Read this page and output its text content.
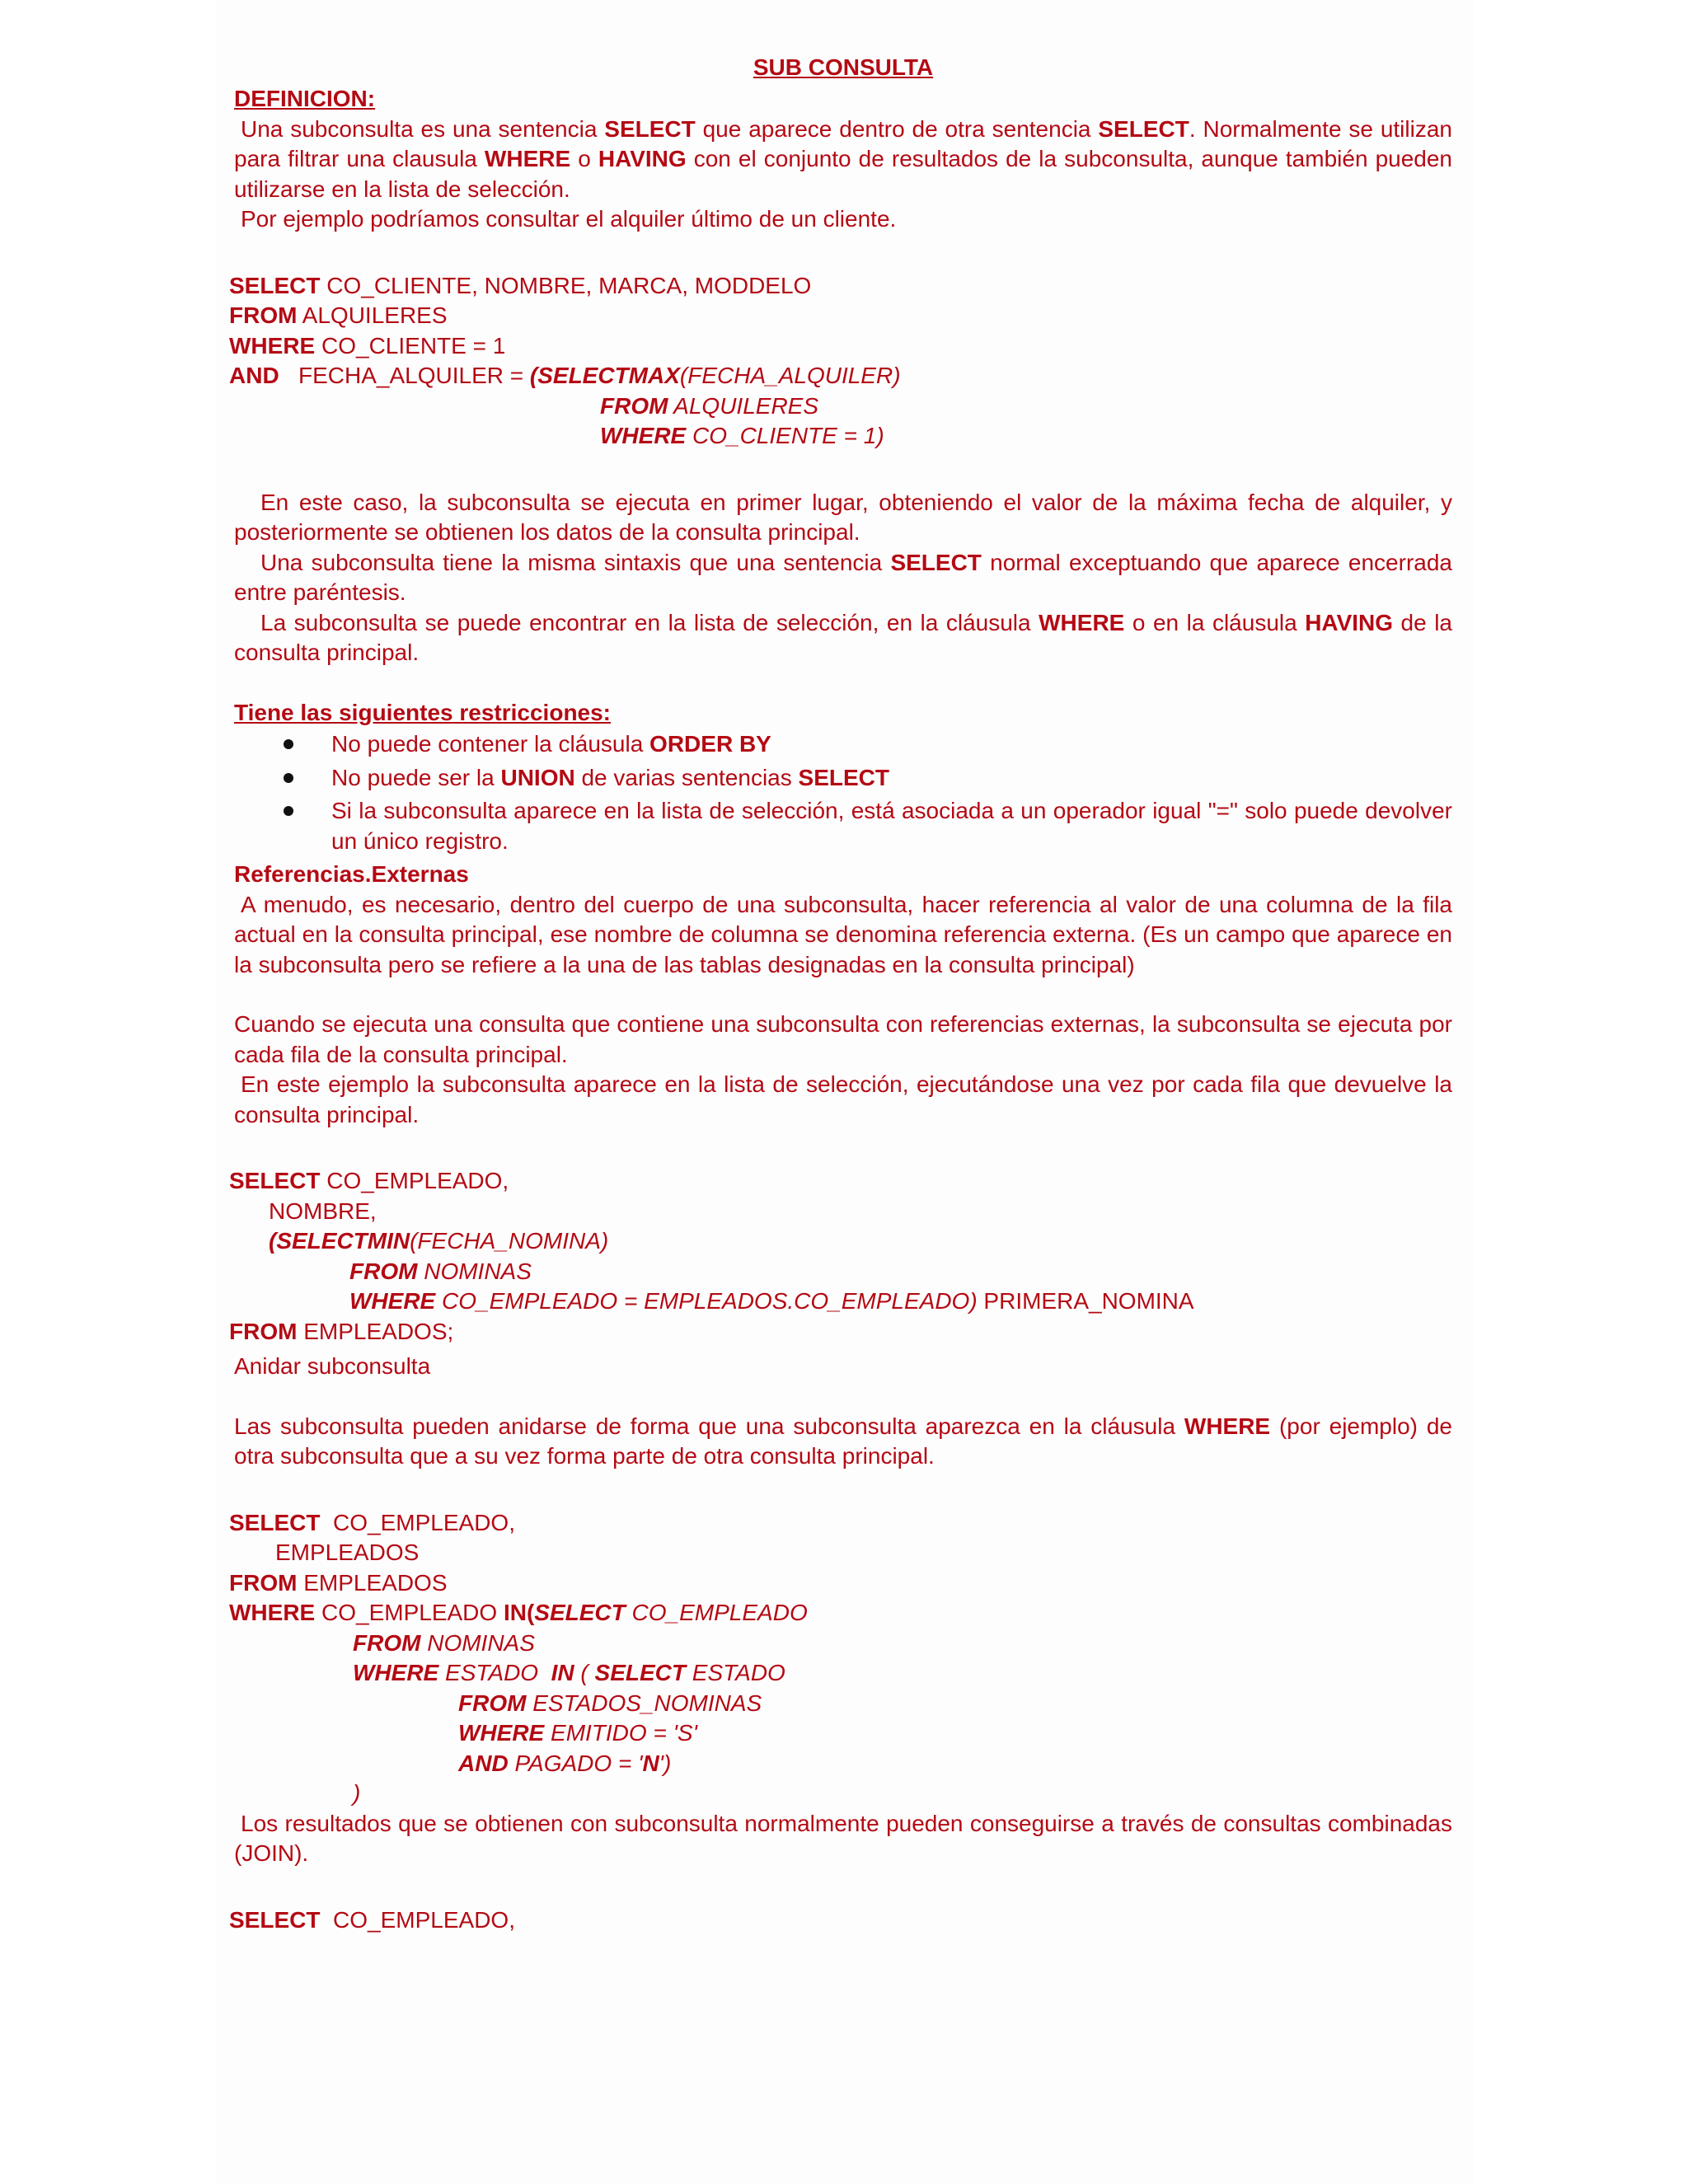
SUB CONSULTA
DEFINICION:

Una subconsulta es una sentencia SELECT que aparece dentro de otra sentencia SELECT. Normalmente se utilizan para filtrar una clausula WHERE o HAVING con el conjunto de resultados de la subconsulta, aunque también pueden utilizarse en la lista de selección.

Por ejemplo podríamos consultar el alquiler último de un cliente.

SELECT CO_CLIENTE, NOMBRE, MARCA, MODDELO
FROM ALQUILERES
WHERE CO_CLIENTE = 1
AND   FECHA_ALQUILER = (SELECTMAX(FECHA_ALQUILER)
FROM ALQUILERES
WHERE CO_CLIENTE = 1)

En este caso, la subconsulta se ejecuta en primer lugar, obteniendo el valor de la máxima fecha de alquiler, y posteriormente se obtienen los datos de la consulta principal.

Una subconsulta tiene la misma sintaxis que una sentencia SELECT normal exceptuando que aparece encerrada entre paréntesis.

La subconsulta se puede encontrar en la lista de selección, en la cláusula WHERE o en la cláusula HAVING de la consulta principal.

Tiene las siguientes restricciones:
No puede contener la cláusula ORDER BY
No puede ser la UNION de varias sentencias SELECT
Si la subconsulta aparece en la lista de selección, está asociada a un operador igual "=" solo puede devolver un único registro.
Referencias.Externas

A menudo, es necesario, dentro del cuerpo de una subconsulta, hacer referencia al valor de una columna de la fila actual en la consulta principal, ese nombre de columna se denomina referencia externa. (Es un campo que aparece en la subconsulta pero se refiere a la una de las tablas designadas en la consulta principal)

Cuando se ejecuta una consulta que contiene una subconsulta con referencias externas, la subconsulta se ejecuta por cada fila de la consulta principal.

En este ejemplo la subconsulta aparece en la lista de selección, ejecutándose una vez por cada fila que devuelve la consulta principal.

SELECT CO_EMPLEADO,
NOMBRE,
(SELECTMIN(FECHA_NOMINA)
FROM NOMINAS
WHERE CO_EMPLEADO = EMPLEADOS.CO_EMPLEADO) PRIMERA_NOMINA
FROM EMPLEADOS;

Anidar subconsulta

Las subconsulta pueden anidarse de forma que una subconsulta aparezca en la cláusula WHERE (por ejemplo) de otra subconsulta que a su vez forma parte de otra consulta principal.

SELECT  CO_EMPLEADO,
EMPLEADOS
FROM EMPLEADOS
WHERE CO_EMPLEADO IN(SELECT CO_EMPLEADO
FROM NOMINAS
WHERE ESTADO  IN ( SELECT ESTADO
FROM ESTADOS_NOMINAS
WHERE EMITIDO = 'S'
AND PAGADO = 'N')
)

Los resultados que se obtienen con subconsulta normalmente pueden conseguirse a través de consultas combinadas (JOIN).

SELECT  CO_EMPLEADO,
